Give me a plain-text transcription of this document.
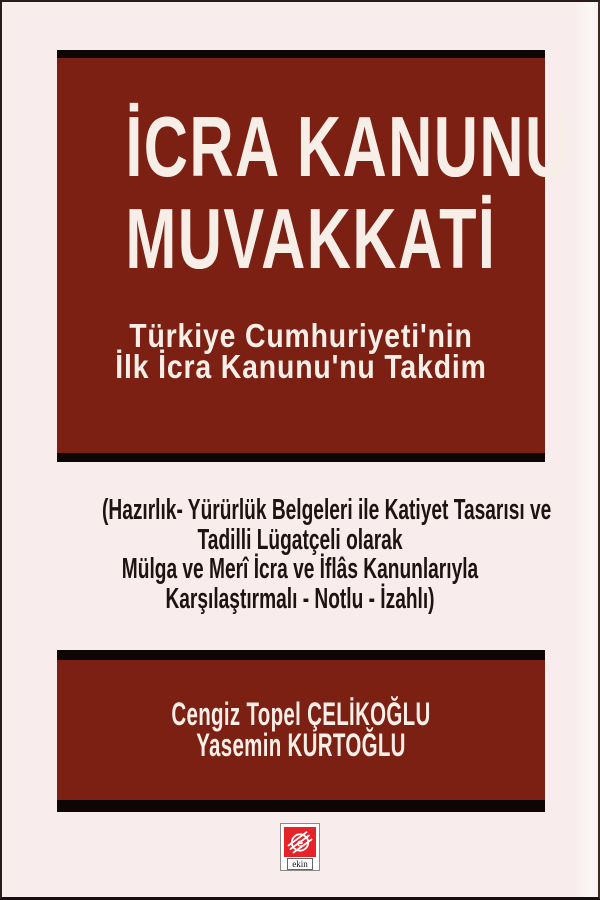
İCRA KANUNU
MUVAKKATİ
Türkiye Cumhuriyeti'nin
İlk İcra Kanunu'nu Takdim
(Hazırlık- Yürürlük Belgeleri ile Katiyet Tasarısı ve
Tadilli Lügatçeli olarak
Mülga ve Merî İcra ve İflâs Kanunlarıyla
Karşılaştırmalı - Notlu - İzahlı)
Cengiz Topel ÇELİKOĞLU
Yasemin KURTOĞLU
e
ekin
